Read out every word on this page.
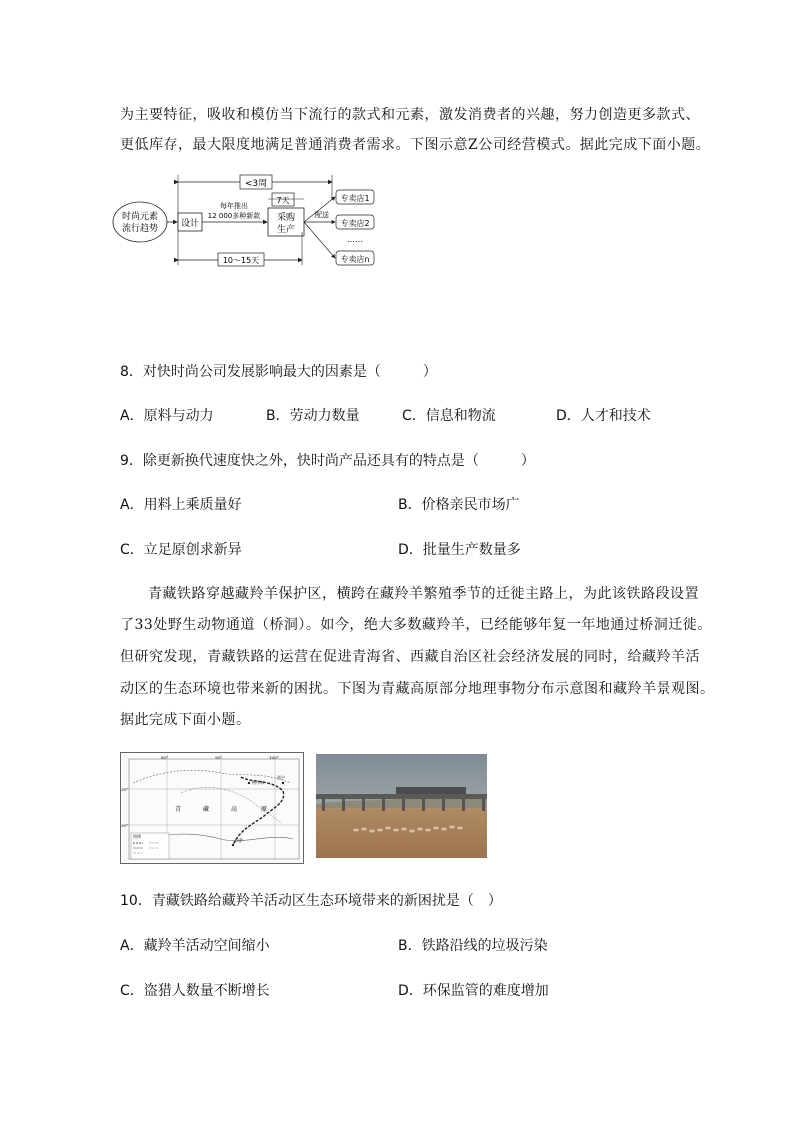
为主要特征，吸收和模仿当下流行的款式和元素，激发消费者的兴趣，努力创造更多款式、
更低库存，最大限度地满足普通消费者需求。下图示意Z公司经营模式。据此完成下面小题。
<3周
时尚元素
流行趋势	设计
每年推出
12 000多种新款
7天
采购
生产
配送
专卖店1
专卖店2
……
专卖店n
10～15天
8．对快时尚公司发展影响最大的因素是（　　　）
A．原料与动力	B．劳动力数量	C．信息和物流	D．人才和技术
9．除更新换代速度快之外，快时尚产品还具有的特点是（　　　）
A．用料上乘质量好	B．价格亲民市场广
C．立足原创求新异	D．批量生产数量多
青藏铁路穿越藏羚羊保护区，横跨在藏羚羊繁殖季节的迁徙主路上，为此该铁路段设置
了33处野生动物通道（桥洞）。如今，绝大多数藏羚羊，已经能够年复一年地通过桥洞迁徙。
但研究发现，青藏铁路的运营在促进青海省、西藏自治区社会经济发展的同时，给藏羚羊活
动区的生态环境也带来新的困扰。下图为青藏高原部分地理事物分布示意图和藏羚羊景观图。
据此完成下面小题。
80°	90°	100°
35°
30°
青	藏	高	原
格尔木
西宁
拉萨
图例
10．青藏铁路给藏羚羊活动区生态环境带来的新困扰是（　）
A．藏羚羊活动空间缩小	B．铁路沿线的垃圾污染
C．盗猎人数量不断增长	D．环保监管的难度增加
